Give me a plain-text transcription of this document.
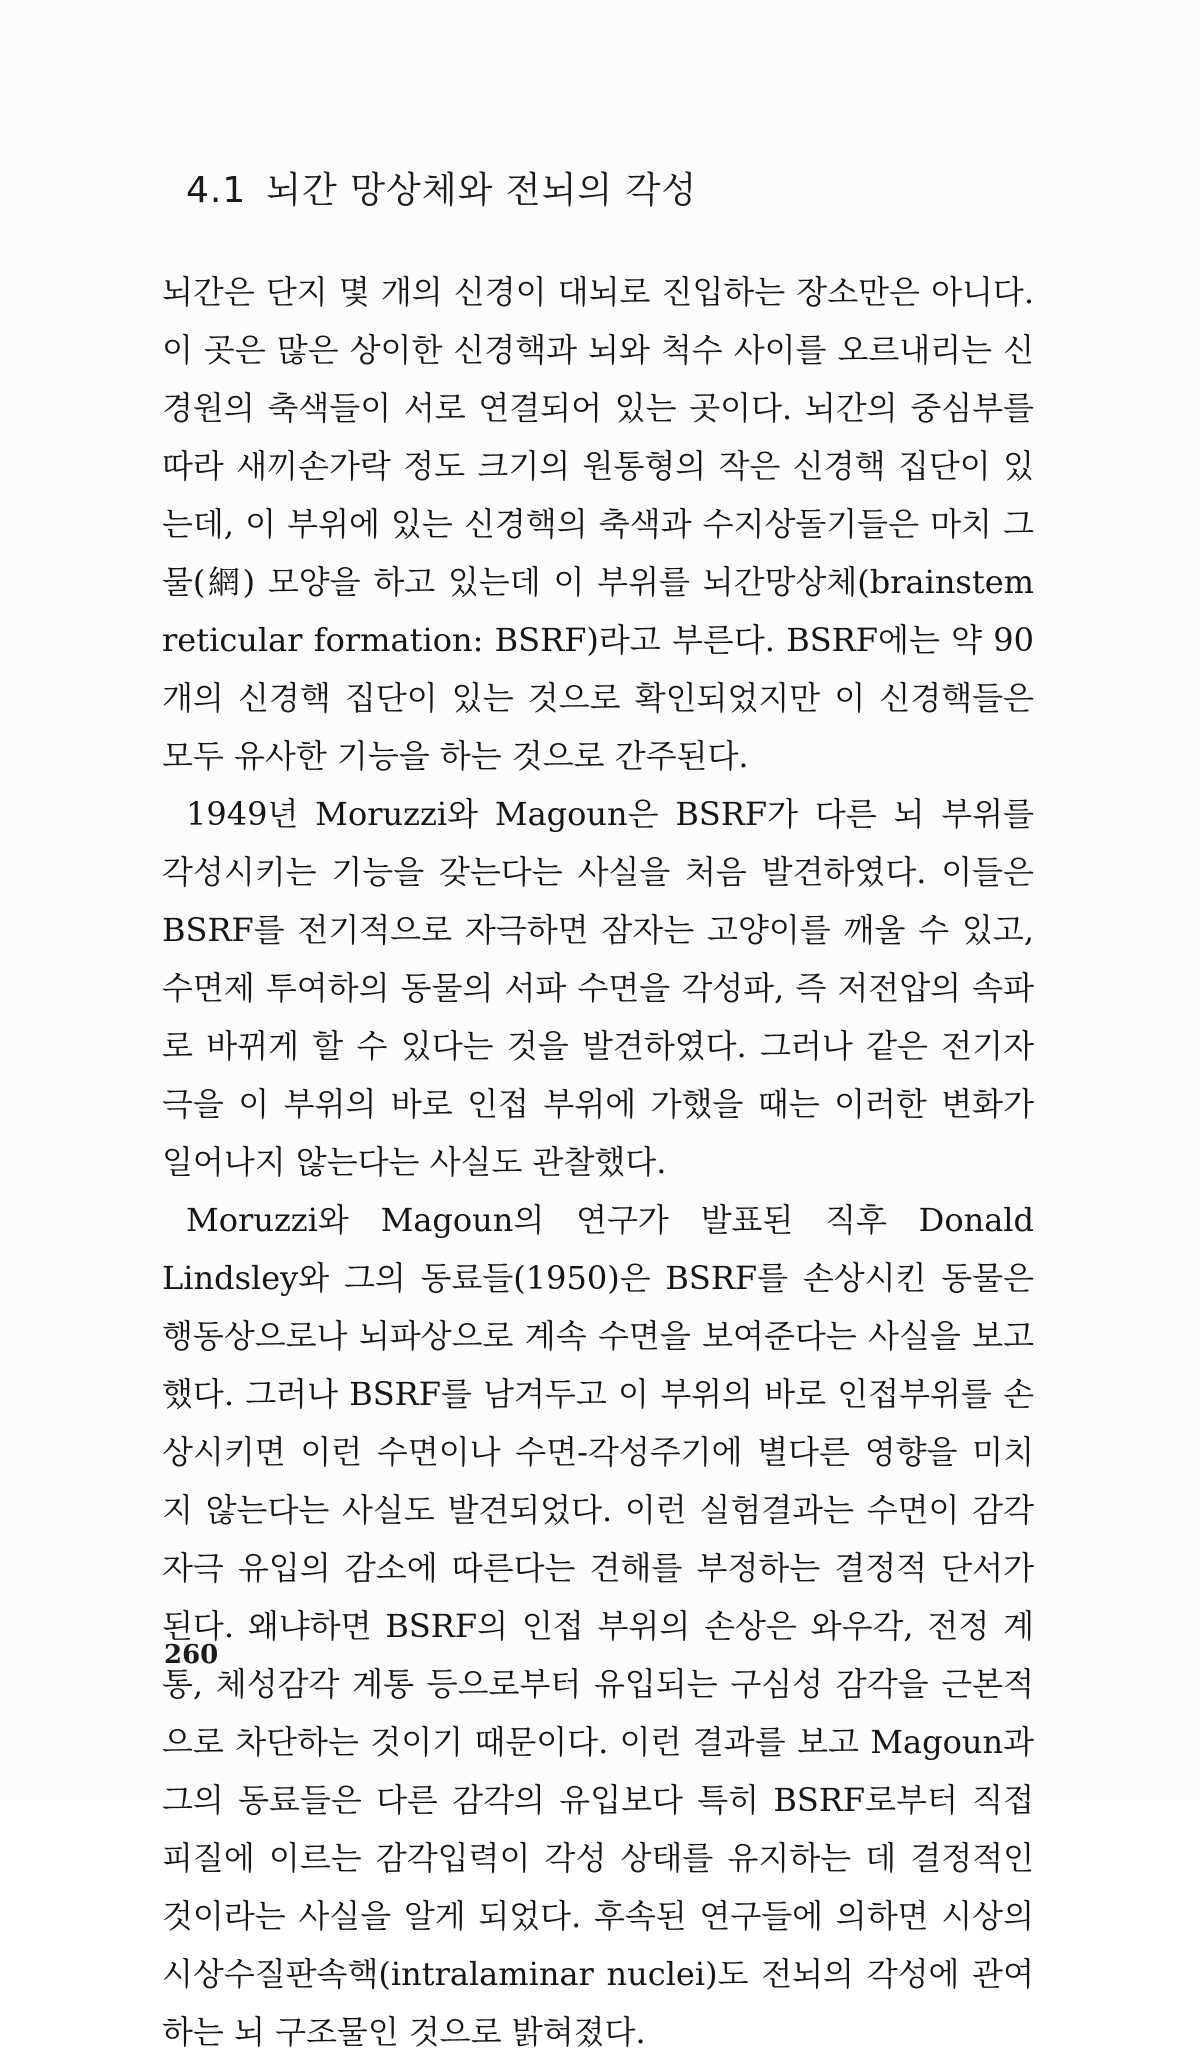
4.1 뇌간 망상체와 전뇌의 각성

뇌간은 단지 몇 개의 신경이 대뇌로 진입하는 장소만은 아니다. 이 곳은 많은 상이한 신경핵과 뇌와 척수 사이를 오르내리는 신경원의 축색들이 서로 연결되어 있는 곳이다. 뇌간의 중심부를 따라 새끼손가락 정도 크기의 원통형의 작은 신경핵 집단이 있는데, 이 부위에 있는 신경핵의 축색과 수지상돌기들은 마치 그물(網) 모양을 하고 있는데 이 부위를 뇌간망상체(brainstem reticular formation: BSRF)라고 부른다. BSRF에는 약 90개의 신경핵 집단이 있는 것으로 확인되었지만 이 신경핵들은 모두 유사한 기능을 하는 것으로 간주된다.

1949년 Moruzzi와 Magoun은 BSRF가 다른 뇌 부위를 각성시키는 기능을 갖는다는 사실을 처음 발견하였다. 이들은 BSRF를 전기적으로 자극하면 잠자는 고양이를 깨울 수 있고, 수면제 투여하의 동물의 서파 수면을 각성파, 즉 저전압의 속파로 바뀌게 할 수 있다는 것을 발견하였다. 그러나 같은 전기자극을 이 부위의 바로 인접 부위에 가했을 때는 이러한 변화가 일어나지 않는다는 사실도 관찰했다.

Moruzzi와 Magoun의 연구가 발표된 직후 Donald Lindsley와 그의 동료들(1950)은 BSRF를 손상시킨 동물은 행동상으로나 뇌파상으로 계속 수면을 보여준다는 사실을 보고했다. 그러나 BSRF를 남겨두고 이 부위의 바로 인접부위를 손상시키면 이런 수면이나 수면-각성주기에 별다른 영향을 미치지 않는다는 사실도 발견되었다. 이런 실험결과는 수면이 감각자극 유입의 감소에 따른다는 견해를 부정하는 결정적 단서가 된다. 왜냐하면 BSRF의 인접 부위의 손상은 와우각, 전정 계통, 체성감각 계통 등으로부터 유입되는 구심성 감각을 근본적으로 차단하는 것이기 때문이다. 이런 결과를 보고 Magoun과 그의 동료들은 다른 감각의 유입보다 특히 BSRF로부터 직접 피질에 이르는 감각입력이 각성 상태를 유지하는 데 결정적인 것이라는 사실을 알게 되었다. 후속된 연구들에 의하면 시상의 시상수질판속핵(intralaminar nuclei)도 전뇌의 각성에 관여하는 뇌 구조물인 것으로 밝혀졌다.

260
